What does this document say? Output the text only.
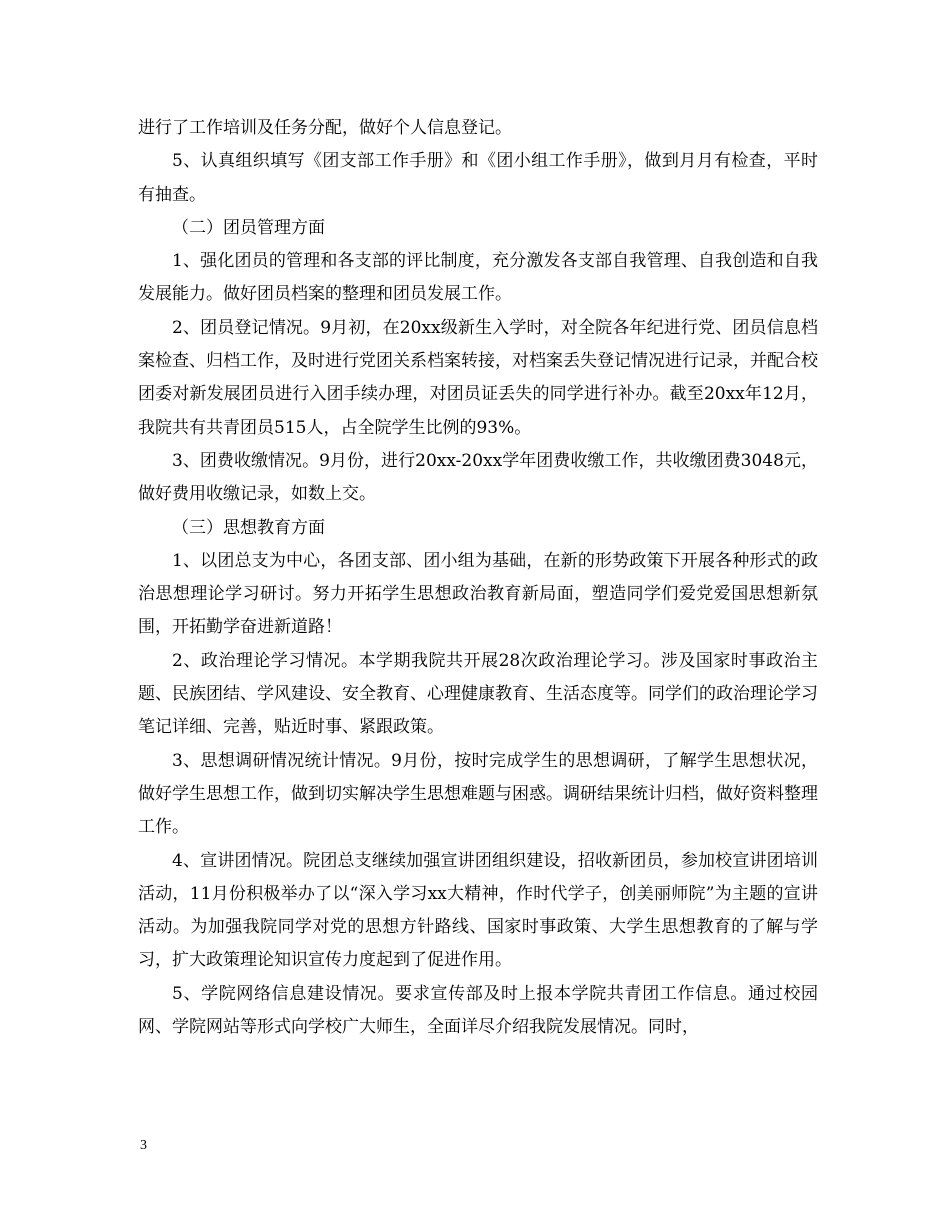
进行了工作培训及任务分配，做好个人信息登记。

5、认真组织填写《团支部工作手册》和《团小组工作手册》，做到月月有检查，平时有抽查。

（二）团员管理方面

1、强化团员的管理和各支部的评比制度，充分激发各支部自我管理、自我创造和自我发展能力。做好团员档案的整理和团员发展工作。

2、团员登记情况。9月初，在20xx级新生入学时，对全院各年纪进行党、团员信息档案检查、归档工作，及时进行党团关系档案转接，对档案丢失登记情况进行记录，并配合校团委对新发展团员进行入团手续办理，对团员证丢失的同学进行补办。截至20xx年12月，我院共有共青团员515人，占全院学生比例的93%。

3、团费收缴情况。9月份，进行20xx-20xx学年团费收缴工作，共收缴团费3048元，做好费用收缴记录，如数上交。

（三）思想教育方面

1、以团总支为中心，各团支部、团小组为基础，在新的形势政策下开展各种形式的政治思想理论学习研讨。努力开拓学生思想政治教育新局面，塑造同学们爱党爱国思想新氛围，开拓勤学奋进新道路！

2、政治理论学习情况。本学期我院共开展28次政治理论学习。涉及国家时事政治主题、民族团结、学风建设、安全教育、心理健康教育、生活态度等。同学们的政治理论学习笔记详细、完善，贴近时事、紧跟政策。

3、思想调研情况统计情况。9月份，按时完成学生的思想调研，了解学生思想状况，做好学生思想工作，做到切实解决学生思想难题与困惑。调研结果统计归档，做好资料整理工作。

4、宣讲团情况。院团总支继续加强宣讲团组织建设，招收新团员，参加校宣讲团培训活动，11月份积极举办了以“深入学习xx大精神，作时代学子，创美丽师院”为主题的宣讲活动。为加强我院同学对党的思想方针路线、国家时事政策、大学生思想教育的了解与学习，扩大政策理论知识宣传力度起到了促进作用。

5、学院网络信息建设情况。要求宣传部及时上报本学院共青团工作信息。通过校园网、学院网站等形式向学校广大师生，全面详尽介绍我院发展情况。同时，

3
